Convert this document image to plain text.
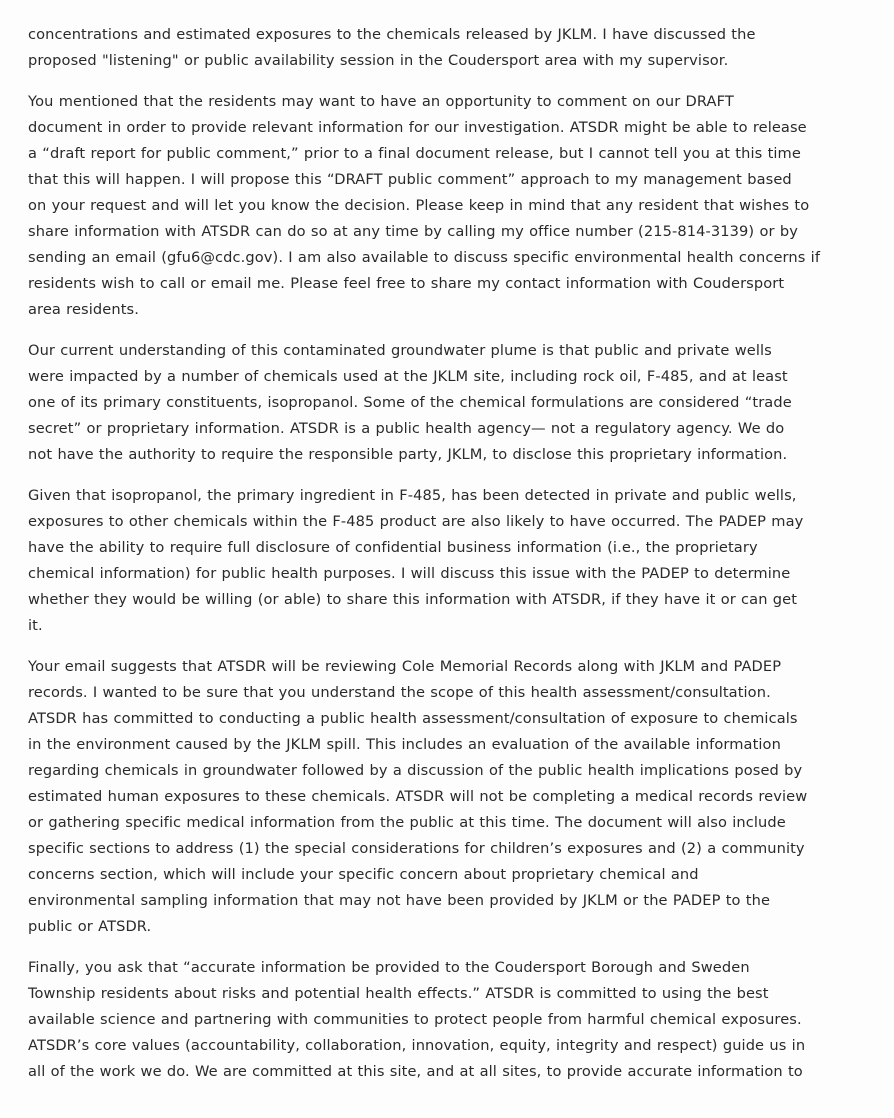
concentrations and estimated exposures to the chemicals released by JKLM. I have discussed the
proposed "listening" or public availability session in the Coudersport area with my supervisor.

You mentioned that the residents may want to have an opportunity to comment on our DRAFT
document in order to provide relevant information for our investigation. ATSDR might be able to release
a “draft report for public comment,” prior to a final document release, but I cannot tell you at this time
that this will happen. I will propose this “DRAFT public comment” approach to my management based
on your request and will let you know the decision. Please keep in mind that any resident that wishes to
share information with ATSDR can do so at any time by calling my office number (215-814-3139) or by
sending an email (gfu6@cdc.gov). I am also available to discuss specific environmental health concerns if
residents wish to call or email me. Please feel free to share my contact information with Coudersport
area residents.

Our current understanding of this contaminated groundwater plume is that public and private wells
were impacted by a number of chemicals used at the JKLM site, including rock oil, F-485, and at least
one of its primary constituents, isopropanol. Some of the chemical formulations are considered “trade
secret” or proprietary information. ATSDR is a public health agency— not a regulatory agency. We do
not have the authority to require the responsible party, JKLM, to disclose this proprietary information.

Given that isopropanol, the primary ingredient in F-485, has been detected in private and public wells,
exposures to other chemicals within the F-485 product are also likely to have occurred. The PADEP may
have the ability to require full disclosure of confidential business information (i.e., the proprietary
chemical information) for public health purposes. I will discuss this issue with the PADEP to determine
whether they would be willing (or able) to share this information with ATSDR, if they have it or can get
it.

Your email suggests that ATSDR will be reviewing Cole Memorial Records along with JKLM and PADEP
records. I wanted to be sure that you understand the scope of this health assessment/consultation.
ATSDR has committed to conducting a public health assessment/consultation of exposure to chemicals
in the environment caused by the JKLM spill. This includes an evaluation of the available information
regarding chemicals in groundwater followed by a discussion of the public health implications posed by
estimated human exposures to these chemicals. ATSDR will not be completing a medical records review
or gathering specific medical information from the public at this time. The document will also include
specific sections to address (1) the special considerations for children’s exposures and (2) a community
concerns section, which will include your specific concern about proprietary chemical and
environmental sampling information that may not have been provided by JKLM or the PADEP to the
public or ATSDR.

Finally, you ask that “accurate information be provided to the Coudersport Borough and Sweden
Township residents about risks and potential health effects.” ATSDR is committed to using the best
available science and partnering with communities to protect people from harmful chemical exposures.
ATSDR’s core values (accountability, collaboration, innovation, equity, integrity and respect) guide us in
all of the work we do. We are committed at this site, and at all sites, to provide accurate information to
